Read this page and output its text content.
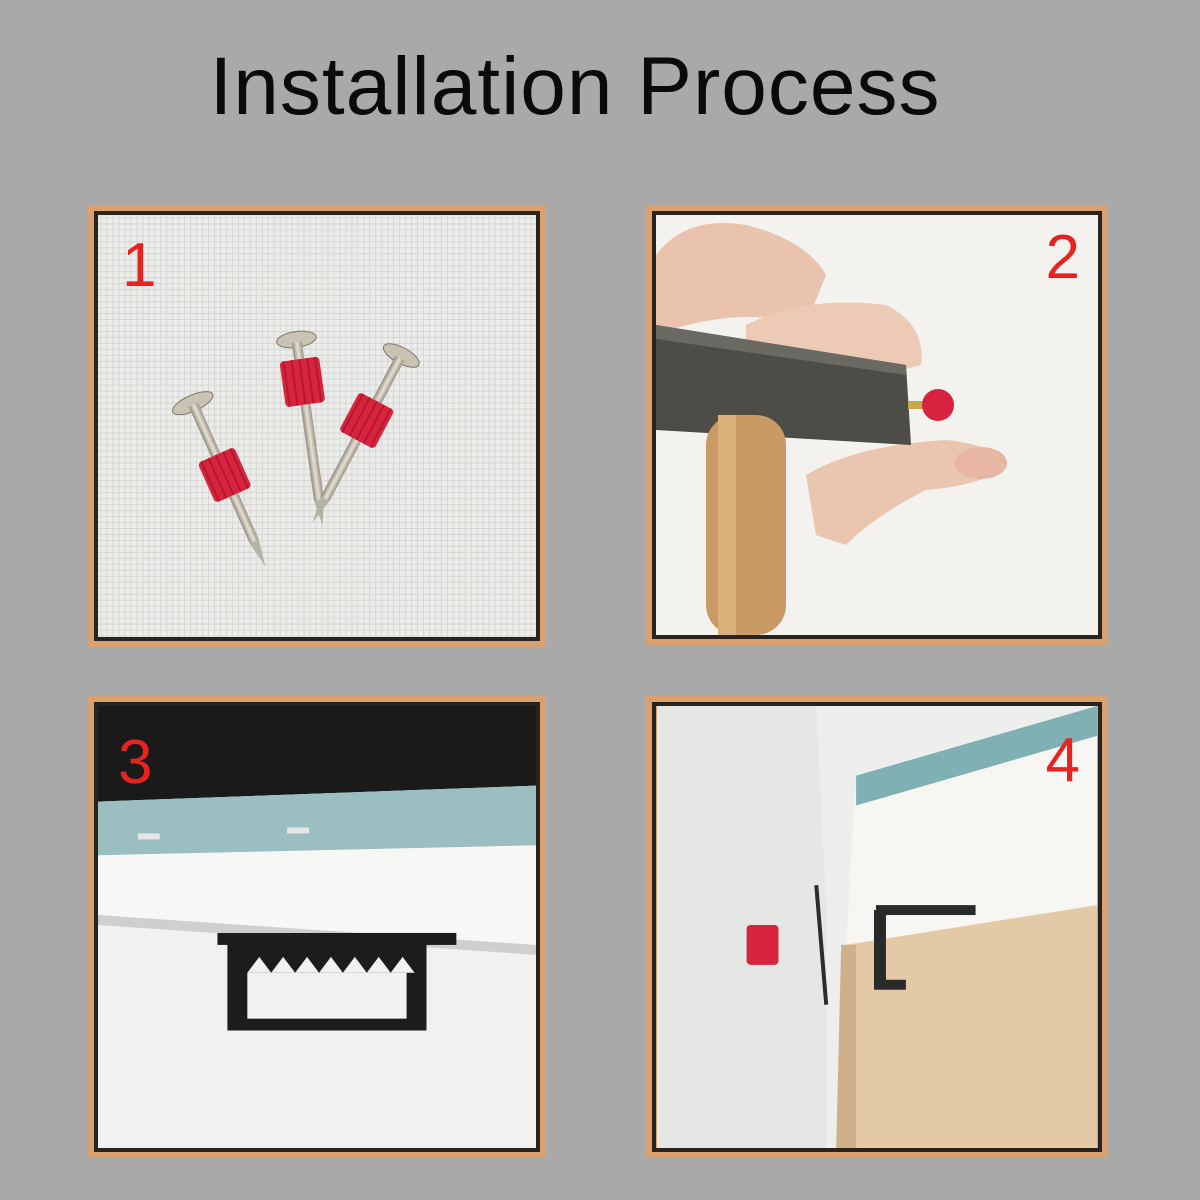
Installation Process
1	2
3	4
